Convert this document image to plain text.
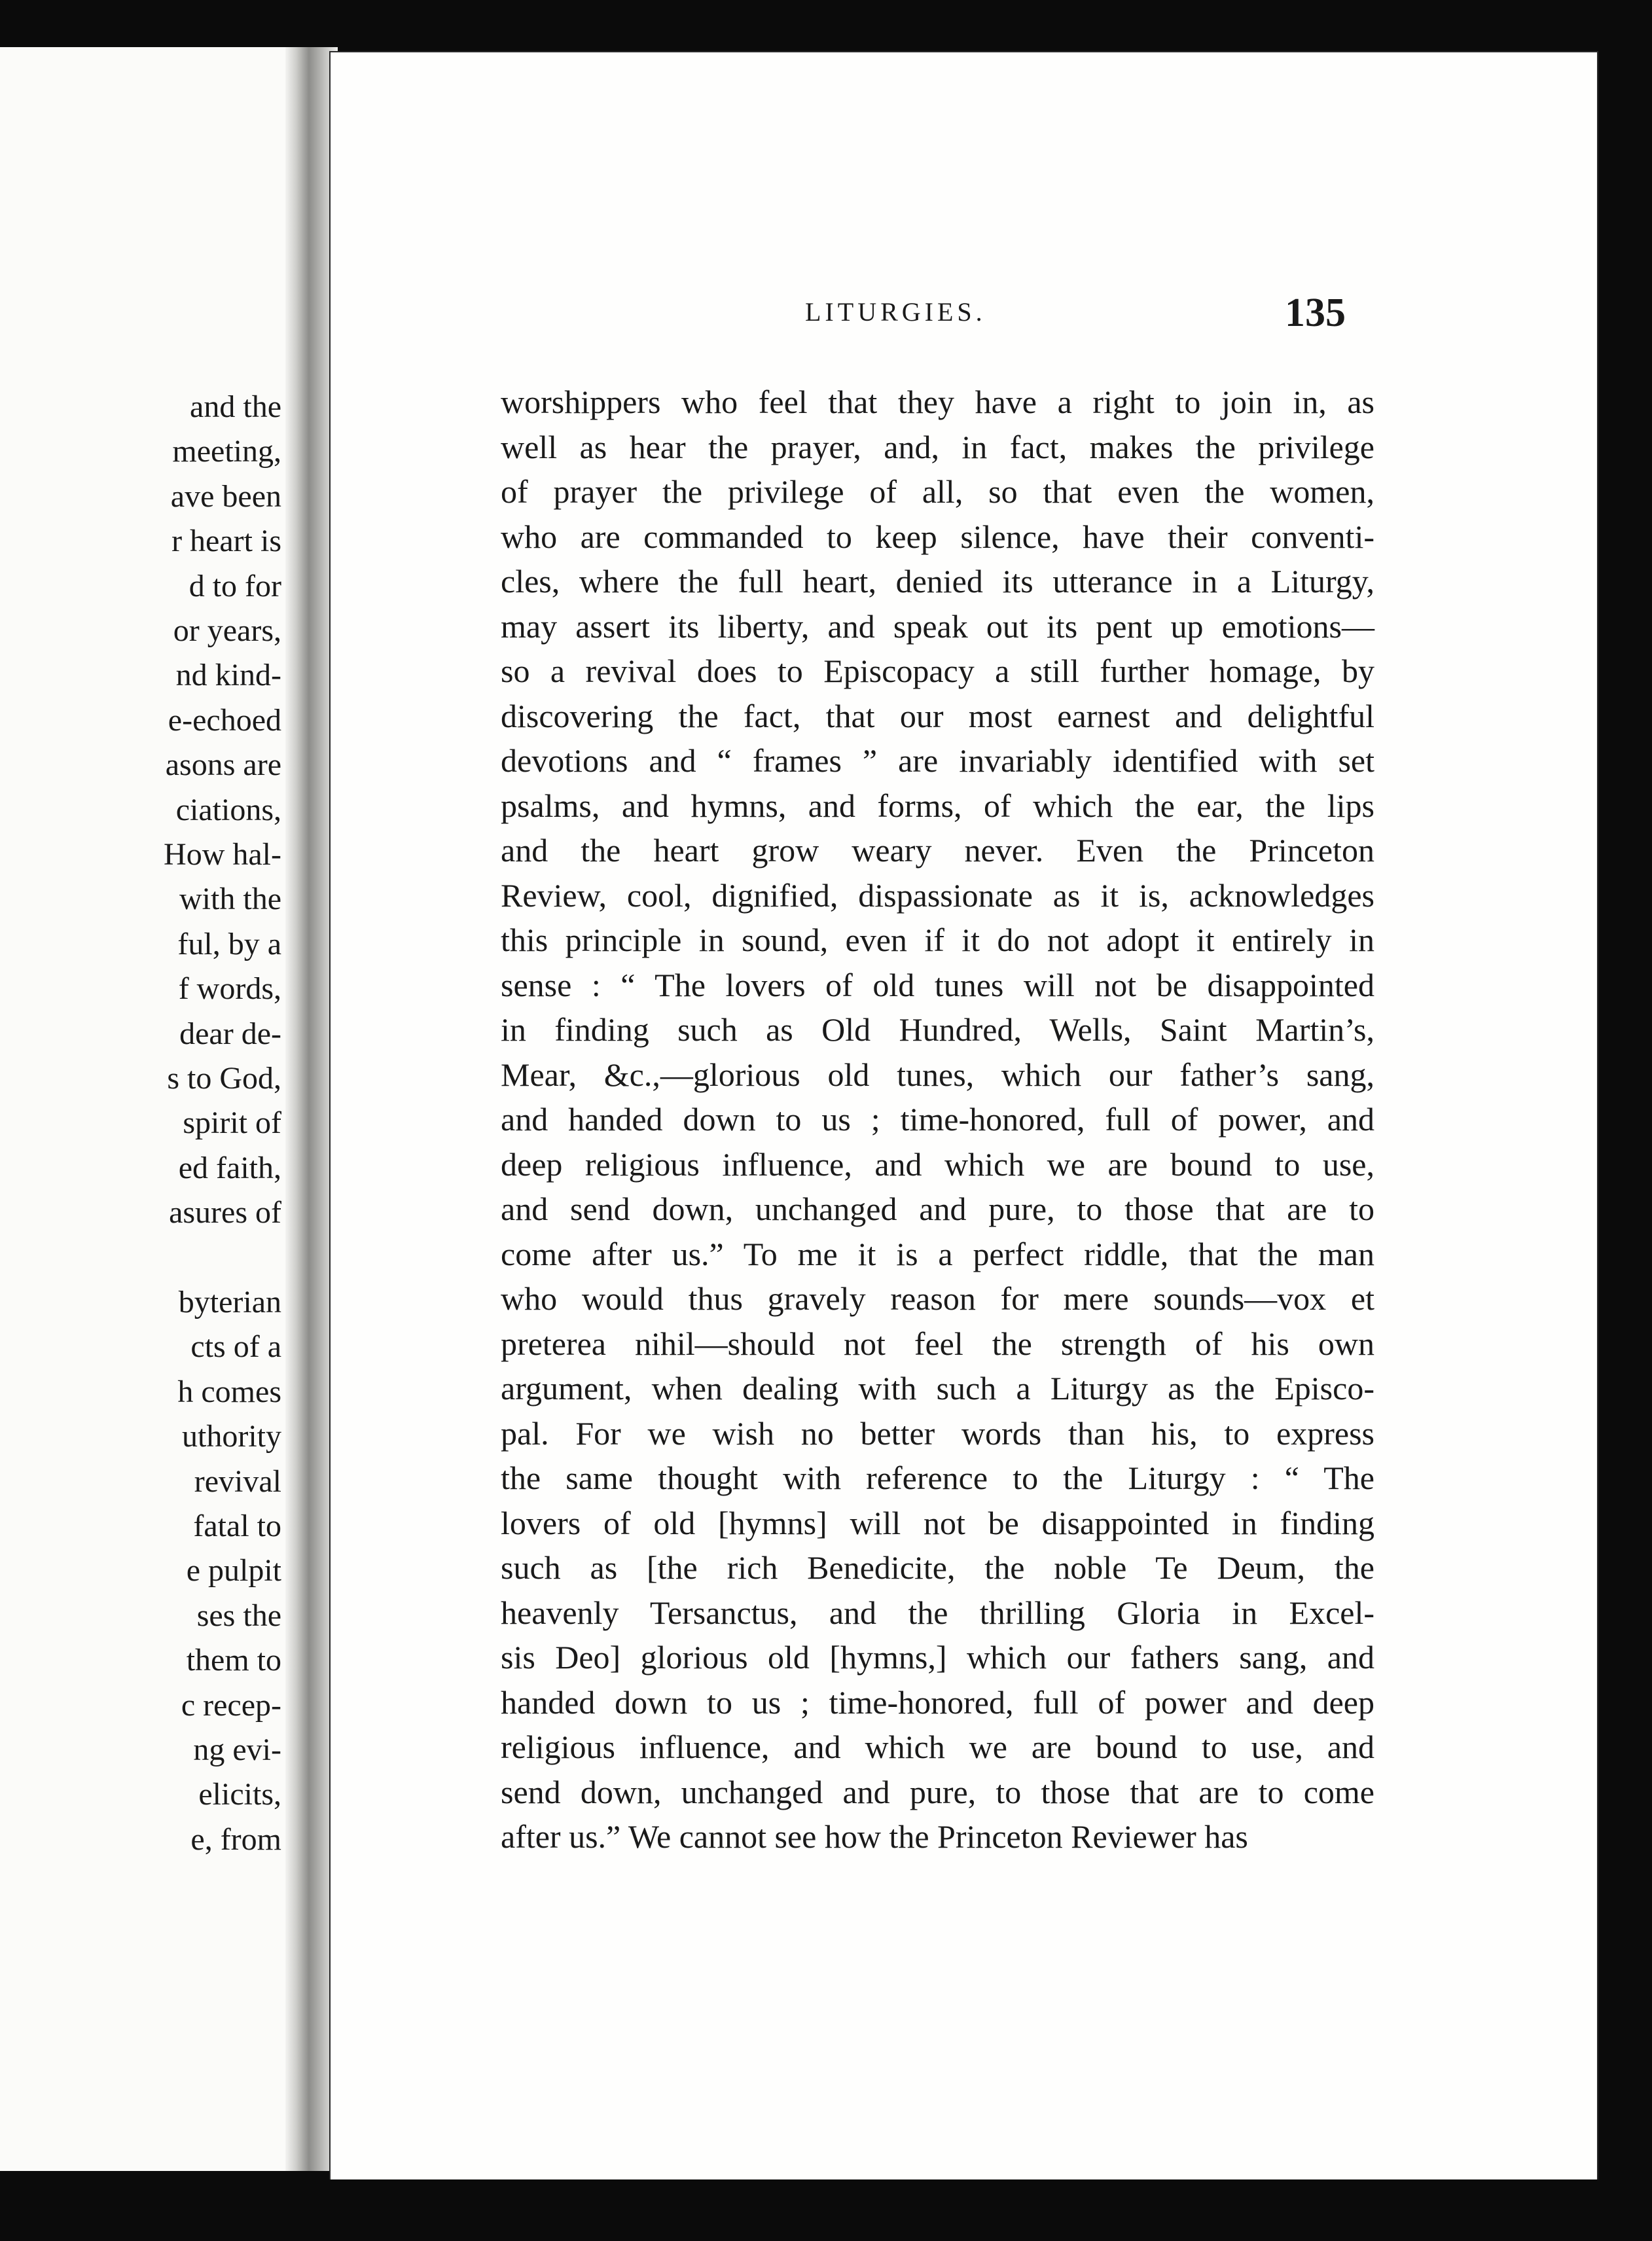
and the
meeting,
ave been
r heart is
d to for
or years,
nd kind-
e-echoed
asons are
ciations,
How hal-
with the
ful, by a
f words,
dear de-
s to God,
spirit of
ed faith,
asures of
byterian
cts of a
h comes
uthority
revival
fatal to
e pulpit
ses the
them to
c recep-
ng evi-
elicits,
e, from
LITURGIES.	135
worshippers who feel that they have a right to join in, as
well as hear the prayer, and, in fact, makes the privilege
of prayer the privilege of all, so that even the women,
who are commanded to keep silence, have their conventi-
cles, where the full heart, denied its utterance in a Liturgy,
may assert its liberty, and speak out its pent up emotions—
so a revival does to Episcopacy a still further homage, by
discovering the fact, that our most earnest and delightful
devotions and “ frames ” are invariably identified with set
psalms, and hymns, and forms, of which the ear, the lips
and the heart grow weary never. Even the Princeton
Review, cool, dignified, dispassionate as it is, acknowledges
this principle in sound, even if it do not adopt it entirely in
sense : “ The lovers of old tunes will not be disappointed
in finding such as Old Hundred, Wells, Saint Martin’s,
Mear, &c.,—glorious old tunes, which our father’s sang,
and handed down to us ; time-honored, full of power, and
deep religious influence, and which we are bound to use,
and send down, unchanged and pure, to those that are to
come after us.” To me it is a perfect riddle, that the man
who would thus gravely reason for mere sounds—vox et
preterea nihil—should not feel the strength of his own
argument, when dealing with such a Liturgy as the Episco-
pal. For we wish no better words than his, to express
the same thought with reference to the Liturgy : “ The
lovers of old [hymns] will not be disappointed in finding
such as [the rich Benedicite, the noble Te Deum, the
heavenly Tersanctus, and the thrilling Gloria in Excel-
sis Deo] glorious old [hymns,] which our fathers sang, and
handed down to us ; time-honored, full of power and deep
religious influence, and which we are bound to use, and
send down, unchanged and pure, to those that are to come
after us.” We cannot see how the Princeton Reviewer has
